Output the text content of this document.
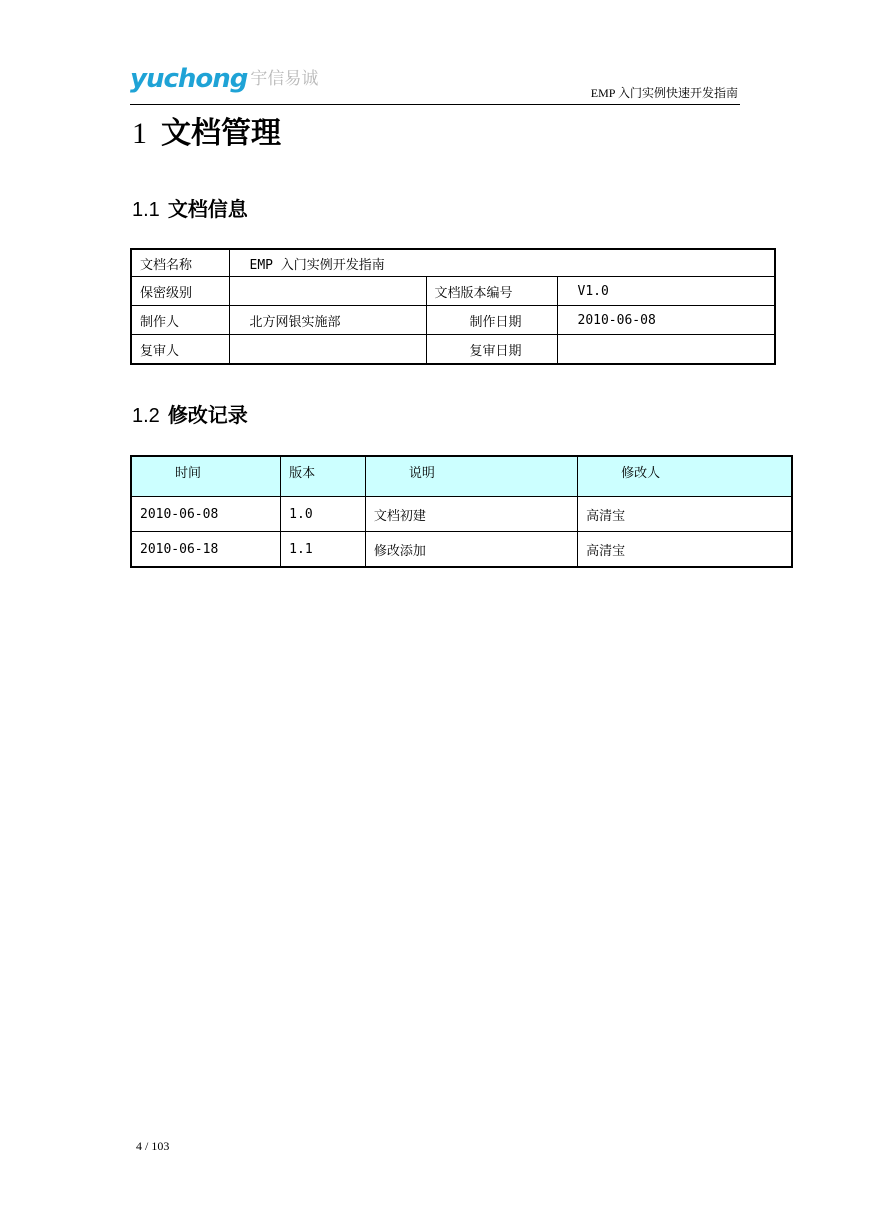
yuchong 宇信易诚
EMP 入门实例快速开发指南
1 文档管理
1.1 文档信息
文档名称	EMP 入门实例开发指南		
保密级别		文档版本编号	V1.0
制作人	北方网银实施部	制作日期	2010-06-08
复审人		复审日期	
1.2 修改记录
时间	版本	说明	修改人
2010-06-08	1.0	文档初建	高清宝
2010-06-18	1.1	修改添加	高清宝
4 / 103
